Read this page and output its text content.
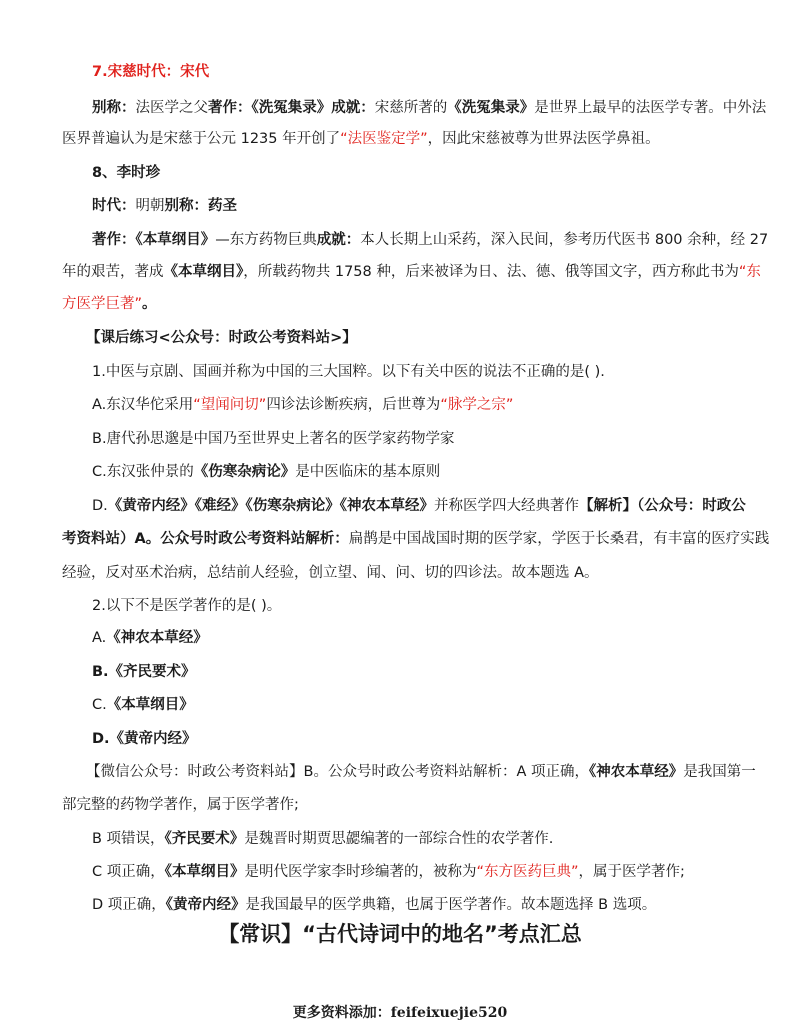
7.宋慈时代：宋代
别称：法医学之父著作：《洗冤集录》成就：宋慈所著的《洗冤集录》是世界上最早的法医学专著。中外法
医界普遍认为是宋慈于公元 1235 年开创了“法医鉴定学”，因此宋慈被尊为世界法医学鼻祖。
8、李时珍
时代：明朝别称：药圣
著作：《本草纲目》—东方药物巨典成就：本人长期上山采药，深入民间，参考历代医书 800 余种，经 27
年的艰苦，著成《本草纲目》，所载药物共 1758 种，后来被译为日、法、德、俄等国文字，西方称此书为“东
方医学巨著”。
【课后练习<公众号：时政公考资料站>】
1.中医与京剧、国画并称为中国的三大国粹。以下有关中医的说法不正确的是( ).
A.东汉华佗采用“望闻问切”四诊法诊断疾病，后世尊为“脉学之宗”
B.唐代孙思邈是中国乃至世界史上著名的医学家药物学家
C.东汉张仲景的《伤寒杂病论》是中医临床的基本原则
D.《黄帝内经》《难经》《伤寒杂病论》《神农本草经》并称医学四大经典著作【解析】（公众号：时政公
考资料站）A。公众号时政公考资料站解析：扁鹊是中国战国时期的医学家，学医于长桑君，有丰富的医疗实践
经验，反对巫术治病，总结前人经验，创立望、闻、问、切的四诊法。故本题选 A。
2.以下不是医学著作的是( )。
A.《神农本草经》
B.《齐民要术》
C.《本草纲目》
D.《黄帝内经》
【微信公众号：时政公考资料站】B。公众号时政公考资料站解析：A 项正确，《神农本草经》是我国第一
部完整的药物学著作，属于医学著作;
B 项错误，《齐民要术》是魏晋时期贾思勰编著的一部综合性的农学著作.
C 项正确，《本草纲目》是明代医学家李时珍编著的，被称为“东方医药巨典”，属于医学著作;
D 项正确，《黄帝内经》是我国最早的医学典籍，也属于医学著作。故本题选择 B 选项。
【常识】“古代诗词中的地名”考点汇总
更多资料添加：feifeixuejie520
